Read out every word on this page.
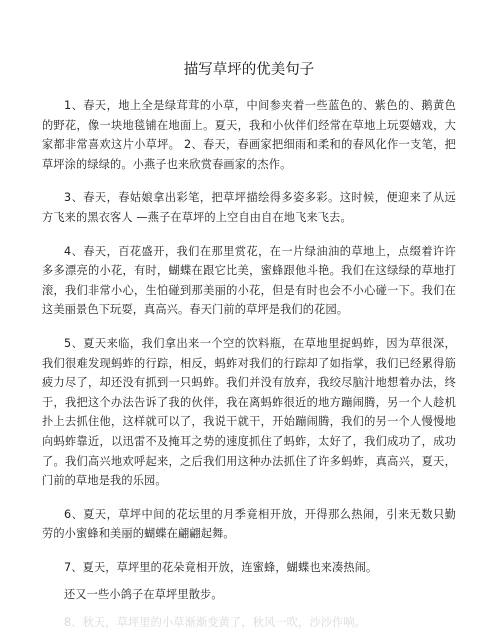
描写草坪的优美句子

1、春天，地上全是绿茸茸的小草，中间参夹着一些蓝色的、紫色的、鹅黄色的野花，像一块地毯铺在地面上。夏天，我和小伙伴们经常在草地上玩耍嬉戏，大家都非常喜欢这片小草坪。 2、春天，春画家把细雨和柔和的春风化作一支笔，把草坪涂的绿绿的。小燕子也来欣赏春画家的杰作。

3、春天，春姑娘拿出彩笔，把草坪描绘得多姿多彩。这时候，便迎来了从远方飞来的黑衣客人 —燕子在草坪的上空自由自在地飞来飞去。

4、春天，百花盛开，我们在那里赏花，在一片绿油油的草地上，点缀着许许多多漂亮的小花，有时，蝴蝶在跟它比美，蜜蜂跟他斗艳。我们在这绿绿的草地打滚，我们非常小心，生怕碰到那美丽的小花，但是有时也会不小心碰一下。我们在这美丽景色下玩耍，真高兴。春天门前的草坪是我们的花园。

5、夏天来临，我们拿出来一个空的饮料瓶，在草地里捉蚂蚱，因为草很深，我们很难发现蚂蚱的行踪，相反，蚂蚱对我们的行踪却了如指掌，我们已经累得筋疲力尽了，却还没有抓到一只蚂蚱。我们并没有放弃，我绞尽脑汁地想着办法，终于，我把这个办法告诉了我的伙伴，我在离蚂蚱很近的地方蹦闹腾，另一个人趁机扑上去抓住他，这样就可以了，我说干就干，开始蹦闹腾，我们的另一个人慢慢地向蚂蚱靠近，以迅雷不及掩耳之势的速度抓住了蚂蚱，太好了，我们成功了，成功了。我们高兴地欢呼起来，之后我们用这种办法抓住了许多蚂蚱，真高兴，夏天，门前的草地是我的乐园。

6、夏天，草坪中间的花坛里的月季竟相开放，开得那么热闹，引来无数只勤劳的小蜜蜂和美丽的蝴蝶在翩翩起舞。

7、夏天，草坪里的花朵竟相开放，连蜜蜂，蝴蝶也来凑热闹。

还又一些小鸽子在草坪里散步。

8、秋天，草坪里的小草渐渐变黄了，秋风一吹，沙沙作响。
